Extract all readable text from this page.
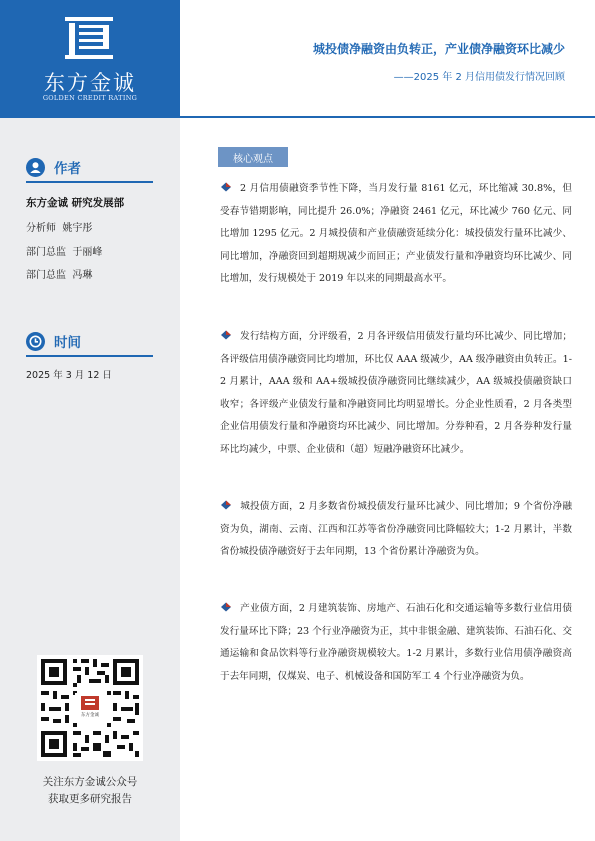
东方金诚
GOLDEN CREDIT RATING
作者
东方金诚 研究发展部
分析师 姚宇彤
部门总监 于丽峰
部门总监 冯琳
时间
2025 年 3 月 12 日
东方金诚
关注东方金诚公众号
获取更多研究报告
城投债净融资由负转正，产业债净融资环比减少
——2025 年 2 月信用债发行情况回顾
核心观点
2 月信用债融资季节性下降，当月发行量 8161 亿元，环比缩减 30.8%，但受春节错期影响，同比提升 26.0%；净融资 2461 亿元，环比减少 760 亿元、同比增加 1295 亿元。2 月城投债和产业债融资延续分化：城投债发行量环比减少、同比增加，净融资回到超期规减少而回正；产业债发行量和净融资均环比减少、同比增加，发行规模处于 2019 年以来的同期最高水平。
发行结构方面，分评级看，2 月各评级信用债发行量均环比减少、同比增加；各评级信用债净融资同比均增加，环比仅 AAA 级减少，AA 级净融资由负转正。1-2 月累计，AAA 级和 AA+级城投债净融资同比继续减少，AA 级城投债融资缺口收窄；各评级产业债发行量和净融资同比均明显增长。分企业性质看，2 月各类型企业信用债发行量和净融资均环比减少、同比增加。分券种看，2 月各券种发行量环比均减少，中票、企业债和（超）短融净融资环比减少。
城投债方面，2 月多数省份城投债发行量环比减少、同比增加；9 个省份净融资为负，湖南、云南、江西和江苏等省份净融资同比降幅较大；1-2 月累计，半数省份城投债净融资好于去年同期，13 个省份累计净融资为负。
产业债方面，2 月建筑装饰、房地产、石油石化和交通运输等多数行业信用债发行量环比下降；23 个行业净融资为正，其中非银金融、建筑装饰、石油石化、交通运输和食品饮料等行业净融资规模较大。1-2 月累计，多数行业信用债净融资高于去年同期，仅煤炭、电子、机械设备和国防军工 4 个行业净融资为负。
